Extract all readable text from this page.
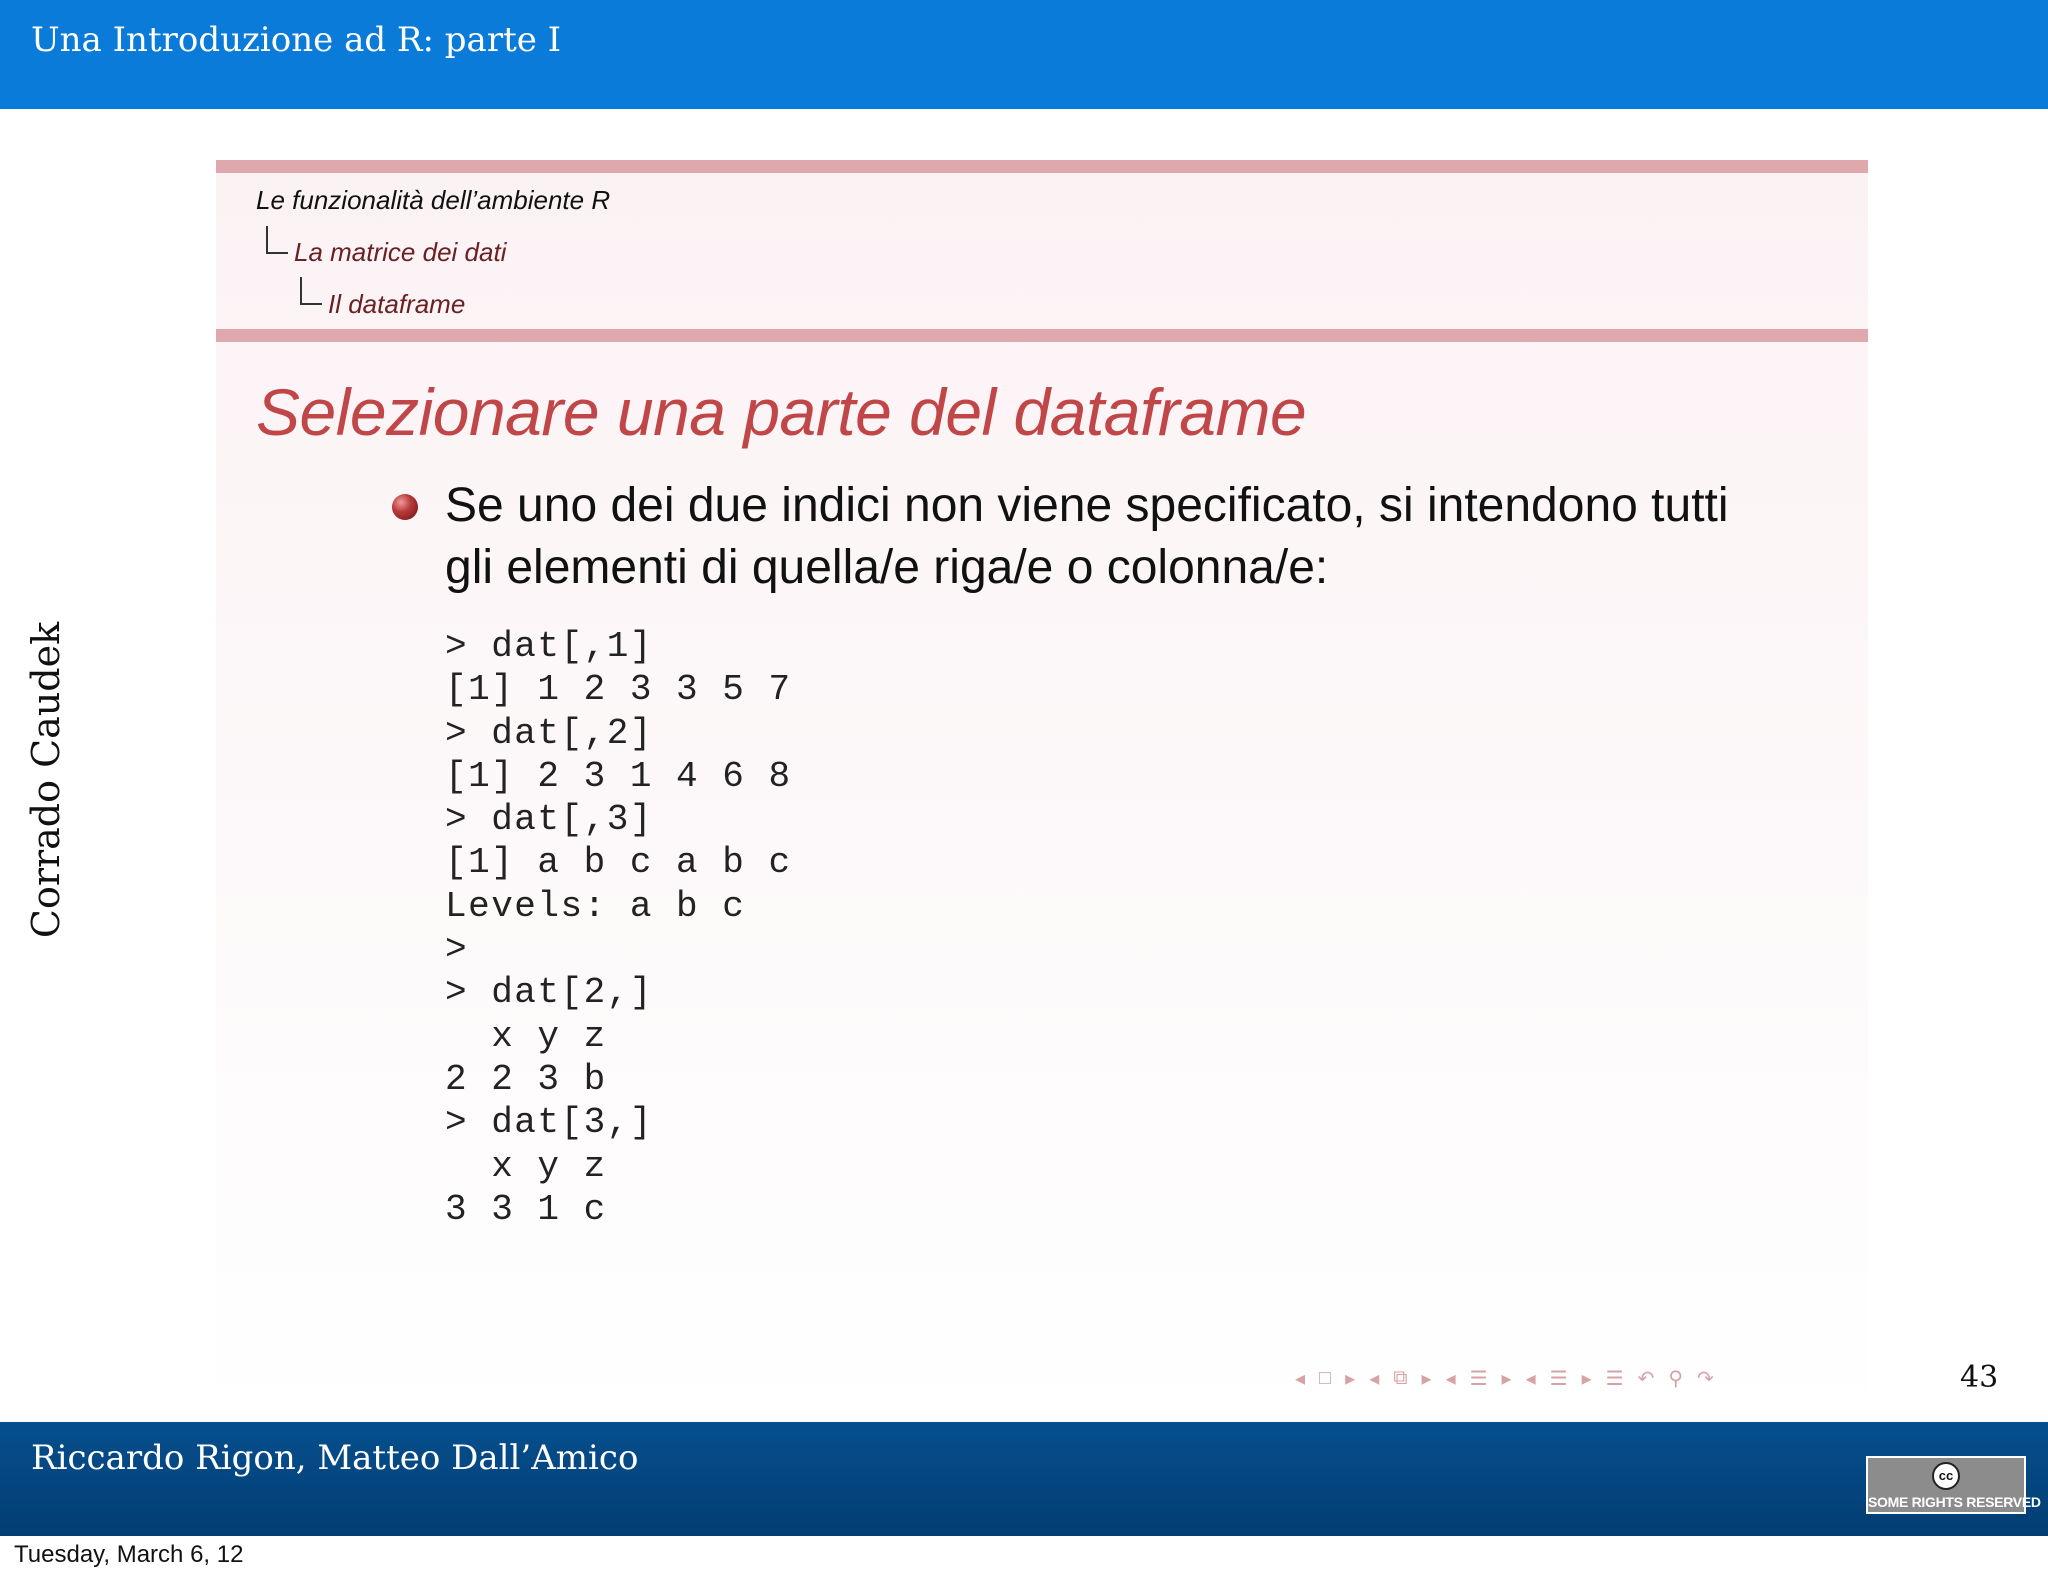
Una Introduzione ad R: parte I
Corrado Caudek
Le funzionalità dell’ambiente R
La matrice dei dati
Il dataframe
Selezionare una parte del dataframe
Se uno dei due indici non viene specificato, si intendono tutti gli elementi di quella/e riga/e o colonna/e:
> dat[,1]
[1] 1 2 3 3 5 7
> dat[,2]
[1] 2 3 1 4 6 8
> dat[,3]
[1] a b c a b c
Levels: a b c
>
> dat[2,]
x y z
2 2 3 b
> dat[3,]
x y z
3 3 1 c
◂ □ ▸ ◂ ⧉ ▸ ◂ ☰ ▸ ◂ ☰ ▸ ☰ ↶ ⚲ ↷	43
Riccardo Rigon, Matteo Dall’Amico	cc
SOME RIGHTS RESERVED
Tuesday, March 6, 12
